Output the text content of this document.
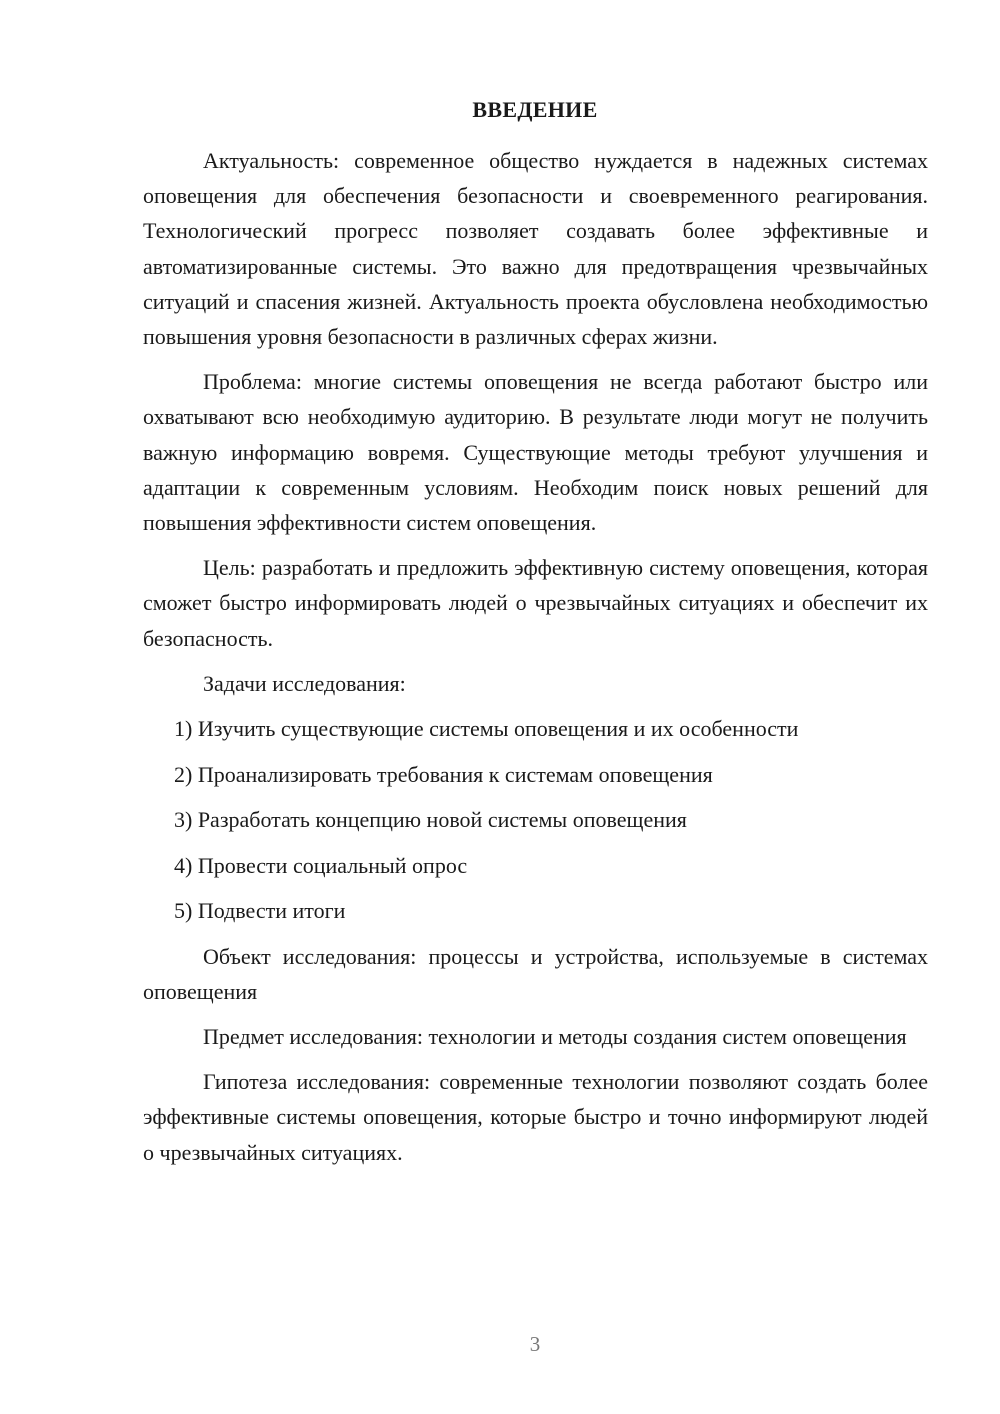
ВВЕДЕНИЕ

Актуальность: современное общество нуждается в надежных системах оповещения для обеспечения безопасности и своевременного реагирования. Технологический прогресс позволяет создавать более эффективные и автоматизированные системы. Это важно для предотвращения чрезвычайных ситуаций и спасения жизней. Актуальность проекта обусловлена необходимостью повышения уровня безопасности в различных сферах жизни.

Проблема: многие системы оповещения не всегда работают быстро или охватывают всю необходимую аудиторию. В результате люди могут не получить важную информацию вовремя. Существующие методы требуют улучшения и адаптации к современным условиям. Необходим поиск новых решений для повышения эффективности систем оповещения.

Цель: разработать и предложить эффективную систему оповещения, которая сможет быстро информировать людей о чрезвычайных ситуациях и обеспечит их безопасность.

Задачи исследования:

1) Изучить существующие системы оповещения и их особенности
2) Проанализировать требования к системам оповещения
3) Разработать концепцию новой системы оповещения
4) Провести социальный опрос
5) Подвести итоги

Объект исследования: процессы и устройства, используемые в системах оповещения

Предмет исследования: технологии и методы создания систем оповещения

Гипотеза исследования: современные технологии позволяют создать более эффективные системы оповещения, которые быстро и точно информируют людей о чрезвычайных ситуациях.

3
